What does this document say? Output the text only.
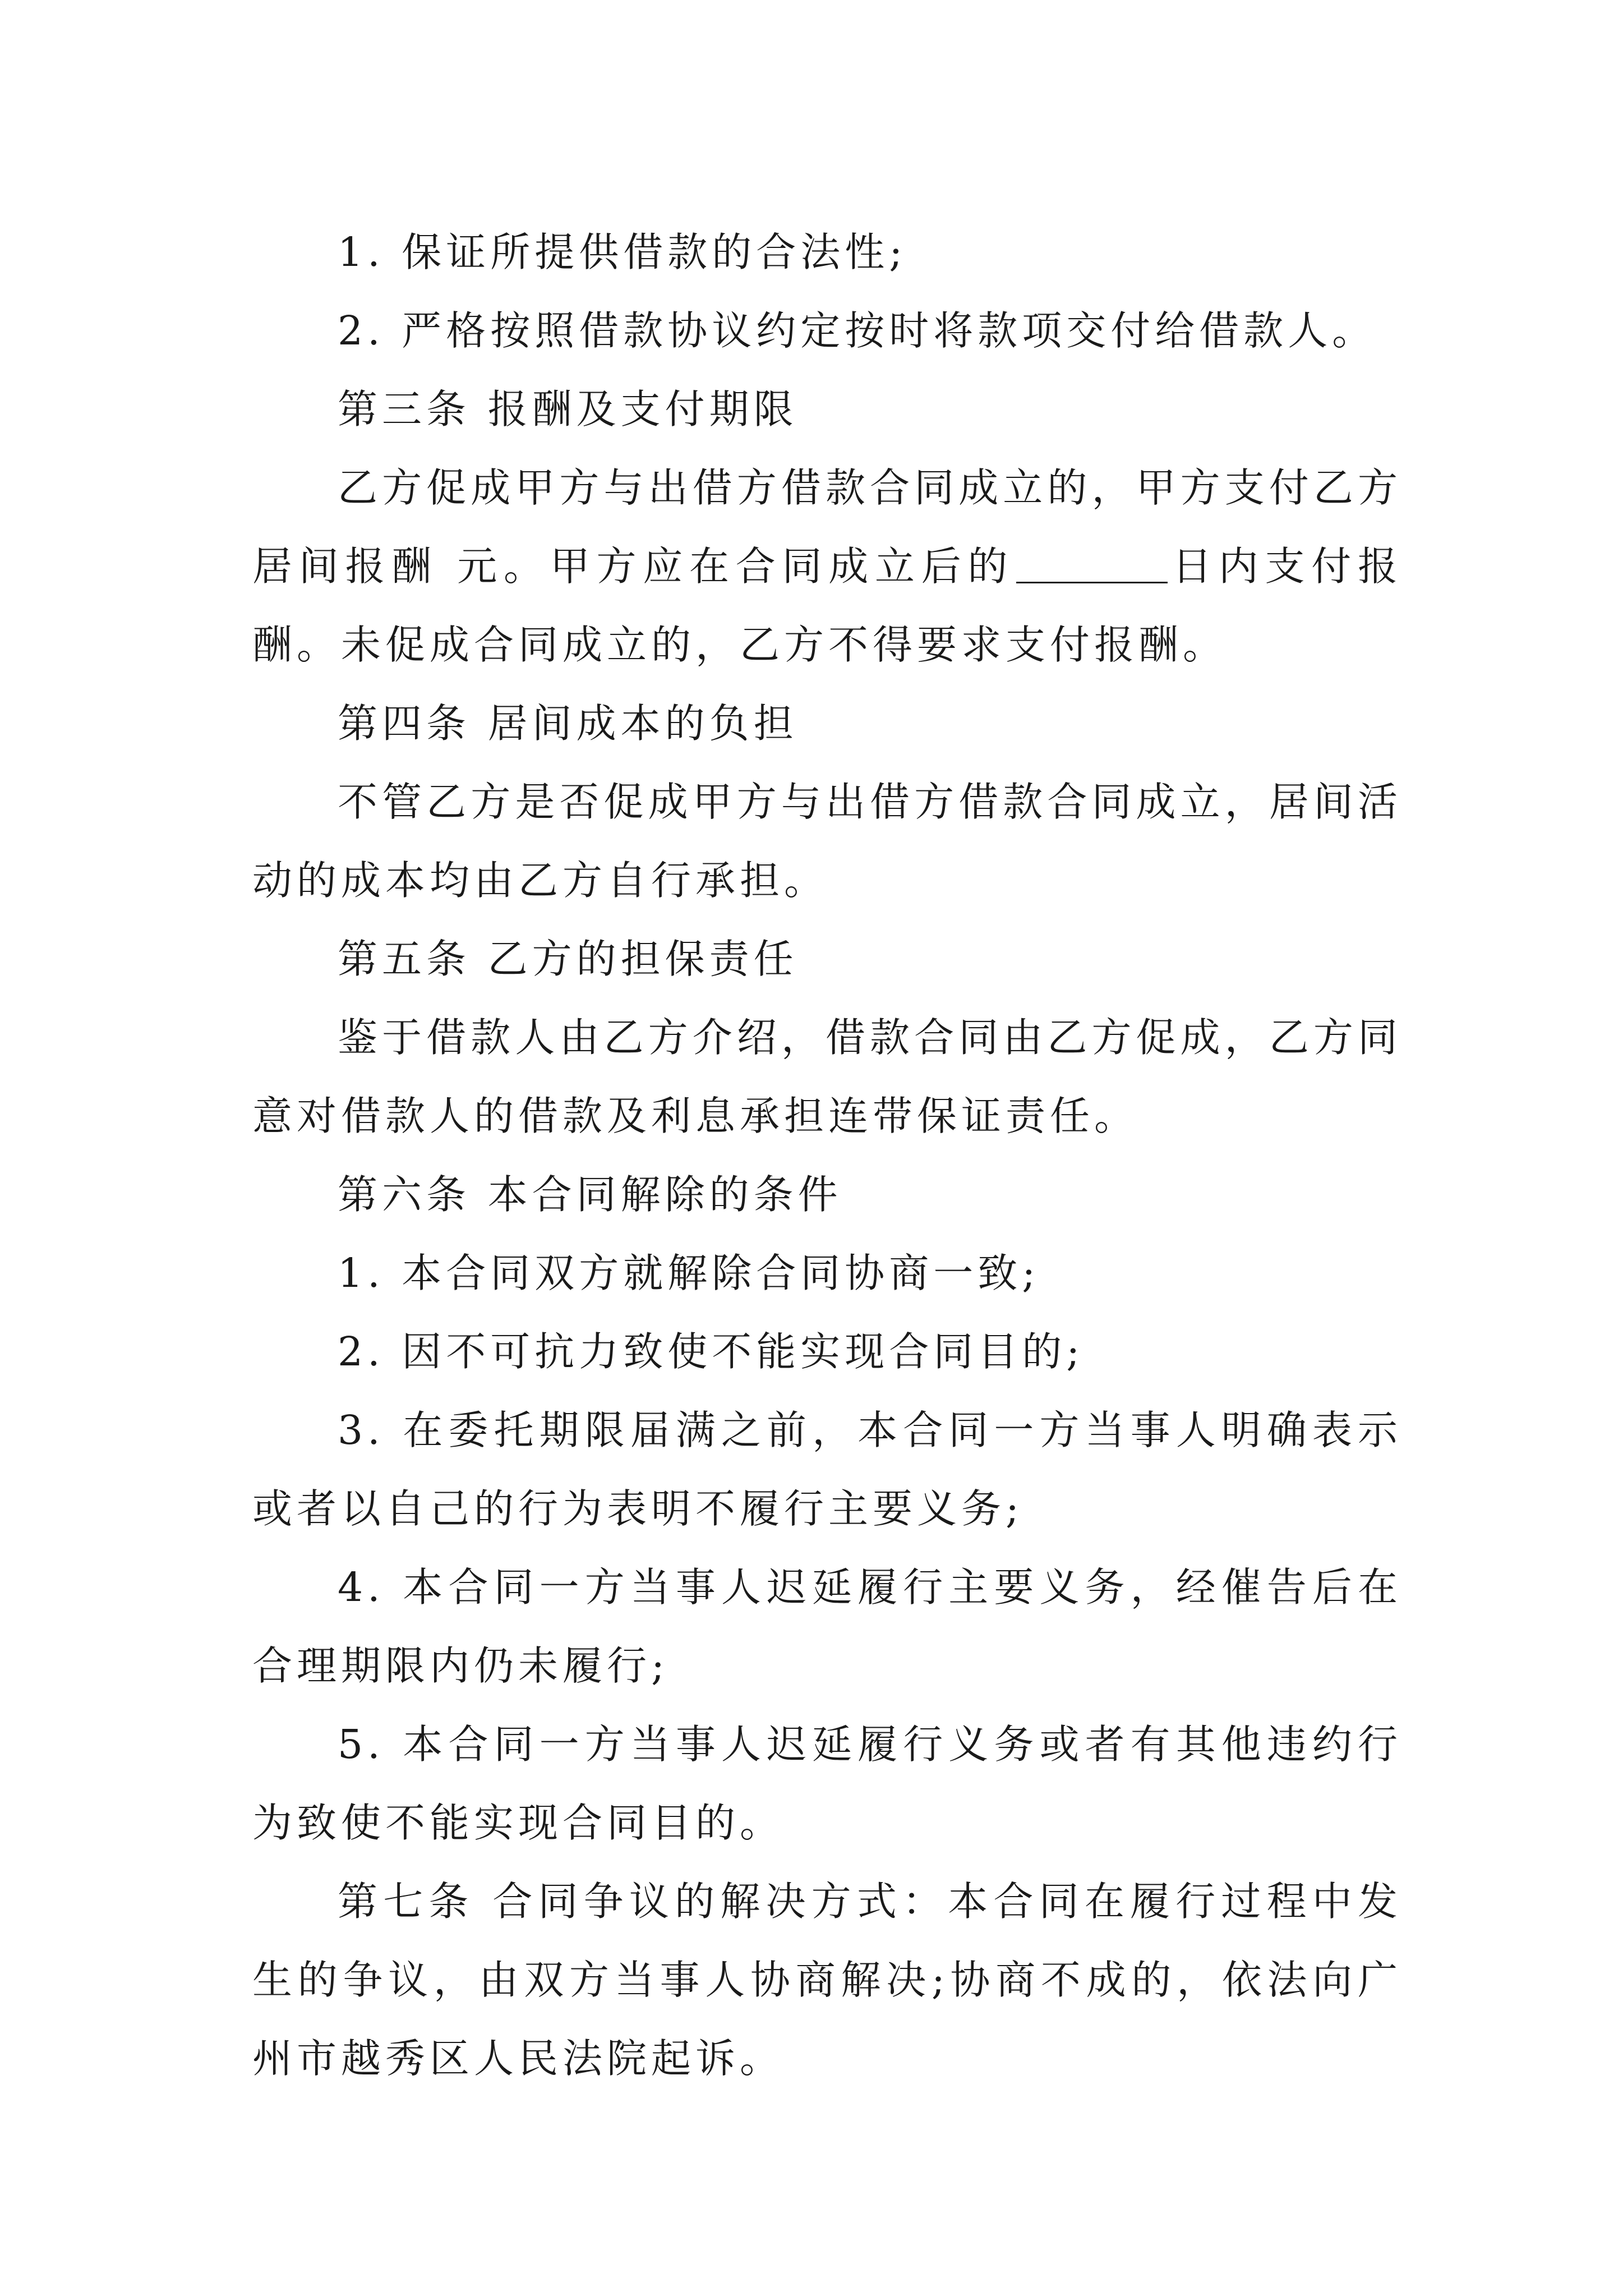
1. 保证所提供借款的合法性;

2. 严格按照借款协议约定按时将款项交付给借款人。

第三条 报酬及支付期限

乙方促成甲方与出借方借款合同成立的，甲方支付乙方居间报酬 元。甲方应在合同成立后的	日内支付报酬。未促成合同成立的，乙方不得要求支付报酬。

第四条 居间成本的负担

不管乙方是否促成甲方与出借方借款合同成立，居间活动的成本均由乙方自行承担。

第五条 乙方的担保责任

鉴于借款人由乙方介绍，借款合同由乙方促成，乙方同意对借款人的借款及利息承担连带保证责任。

第六条 本合同解除的条件

1. 本合同双方就解除合同协商一致;

2. 因不可抗力致使不能实现合同目的;

3. 在委托期限届满之前，本合同一方当事人明确表示或者以自己的行为表明不履行主要义务;

4. 本合同一方当事人迟延履行主要义务，经催告后在合理期限内仍未履行;

5. 本合同一方当事人迟延履行义务或者有其他违约行为致使不能实现合同目的。

第七条 合同争议的解决方式：本合同在履行过程中发生的争议，由双方当事人协商解决;协商不成的，依法向广州市越秀区人民法院起诉。
